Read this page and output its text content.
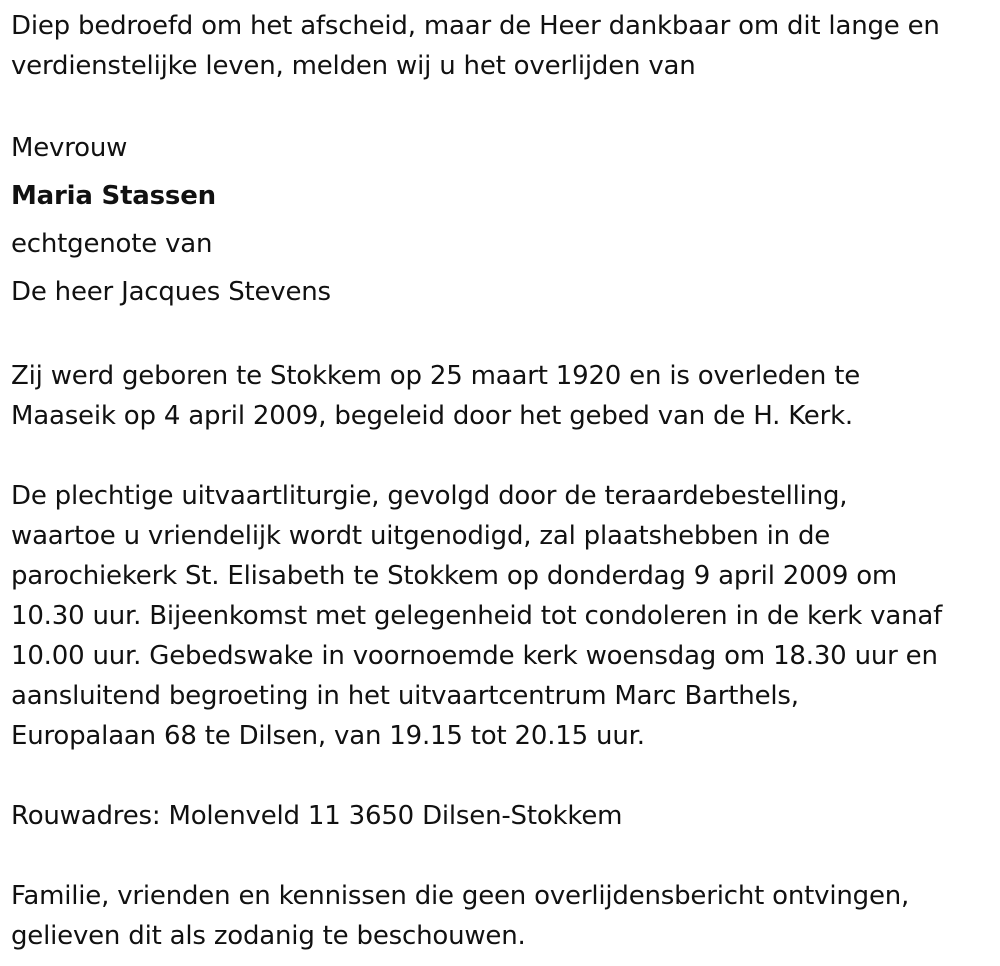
Diep bedroefd om het afscheid, maar de Heer dankbaar om dit lange en
verdienstelijke leven, melden wij u het overlijden van
Mevrouw
Maria Stassen
echtgenote van
De heer Jacques Stevens
Zij werd geboren te Stokkem op 25 maart 1920 en is overleden te
Maaseik op 4 april 2009, begeleid door het gebed van de H. Kerk.
De plechtige uitvaartliturgie, gevolgd door de teraardebestelling,
waartoe u vriendelijk wordt uitgenodigd, zal plaatshebben in de
parochiekerk St. Elisabeth te Stokkem op donderdag 9 april 2009 om
10.30 uur. Bijeenkomst met gelegenheid tot condoleren in de kerk vanaf
10.00 uur. Gebedswake in voornoemde kerk woensdag om 18.30 uur en
aansluitend begroeting in het uitvaartcentrum Marc Barthels,
Europalaan 68 te Dilsen, van 19.15 tot 20.15 uur.
Rouwadres: Molenveld 11 3650 Dilsen-Stokkem
Familie, vrienden en kennissen die geen overlijdensbericht ontvingen,
gelieven dit als zodanig te beschouwen.
